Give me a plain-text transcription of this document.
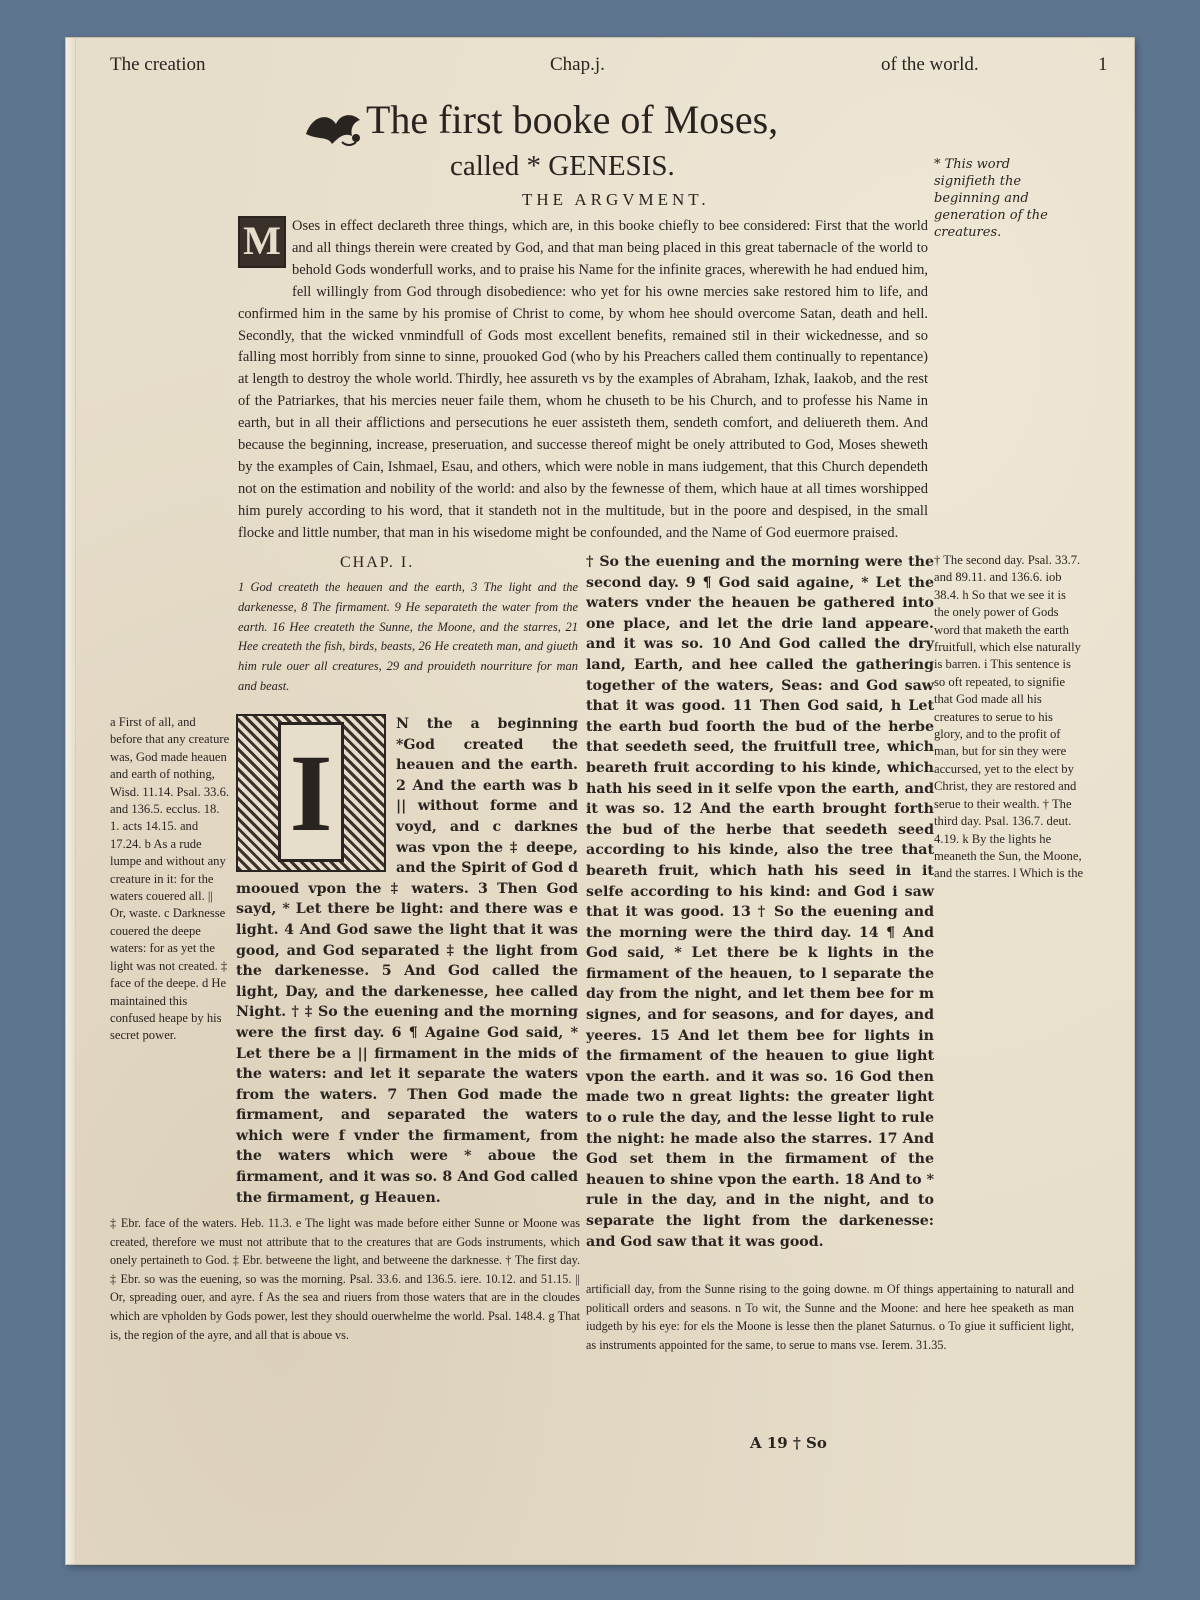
The creation	Chap.j.	of the world.	1
The first booke of Moses,
called * GENESIS.
THE ARGVMENT.
* This word signifieth the beginning and generation of the creatures.
Oses in effect declareth three things, which are, in this booke chiefly to bee considered: First that the world and all things therein were created by God, and that man being placed in this great tabernacle of the world to behold Gods wonderfull works, and to praise his Name for the infinite graces, wherewith he had endued him, fell willingly from God through disobedience: who yet for his owne mercies sake restored him to life, and confirmed him in the same by his promise of Christ to come, by whom hee should overcome Satan, death and hell. Secondly, that the wicked vnmindfull of Gods most excellent benefits, remained stil in their wickednesse, and so falling most horribly from sinne to sinne, prouoked God (who by his Preachers called them continually to repentance) at length to destroy the whole world. Thirdly, hee assureth vs by the examples of Abraham, Izhak, Iaakob, and the rest of the Patriarkes, that his mercies neuer faile them, whom he chuseth to be his Church, and to professe his Name in earth, but in all their afflictions and persecutions he euer assisteth them, sendeth comfort, and deliuereth them. And because the beginning, increase, preseruation, and successe thereof might be onely attributed to God, Moses sheweth by the examples of Cain, Ishmael, Esau, and others, which were noble in mans iudgement, that this Church dependeth not on the estimation and nobility of the world: and also by the fewnesse of them, which haue at all times worshipped him purely according to his word, that it standeth not in the multitude, but in the poore and despised, in the small flocke and little number, that man in his wisedome might be confounded, and the Name of God euermore praised.
M
CHAP. I.
1 God createth the heauen and the earth, 3 The light and the darkenesse, 8 The firmament. 9 He separateth the water from the earth. 16 Hee createth the Sunne, the Moone, and the starres, 21 Hee createth the fish, birds, beasts, 26 He createth man, and giueth him rule ouer all creatures, 29 and prouideth nourriture for man and beast.
a First of all, and before that any creature was, God made heauen and earth of nothing, Wisd. 11.14. Psal. 33.6. and 136.5. ecclus. 18. 1. acts 14.15. and 17.24. b As a rude lumpe and without any creature in it: for the waters couered all. || Or, waste. c Darknesse couered the deepe waters: for as yet the light was not created. ‡ face of the deepe. d He maintained this confused heape by his secret power.
I
N the a beginning *God created the heauen and the earth. 2 And the earth was b || without forme and voyd, and c darknes was vpon the ‡ deepe, and the Spirit of God d mooued vpon the ‡ waters. 3 Then God sayd, * Let there be light: and there was e light. 4 And God sawe the light that it was good, and God separated ‡ the light from the darkenesse. 5 And God called the light, Day, and the darkenesse, hee called Night. † ‡ So the euening and the morning were the first day. 6 ¶ Againe God said, * Let there be a || firmament in the mids of the waters: and let it separate the waters from the waters. 7 Then God made the firmament, and separated the waters which were f vnder the firmament, from the waters which were * aboue the firmament, and it was so. 8 And God called the firmament, g Heauen.
† So the euening and the morning were the second day. 9 ¶ God said againe, * Let the waters vnder the heauen be gathered into one place, and let the drie land appeare. and it was so. 10 And God called the dry land, Earth, and hee called the gathering together of the waters, Seas: and God saw that it was good. 11 Then God said, h Let the earth bud foorth the bud of the herbe that seedeth seed, the fruitfull tree, which beareth fruit according to his kinde, which hath his seed in it selfe vpon the earth, and it was so. 12 And the earth brought forth the bud of the herbe that seedeth seed according to his kinde, also the tree that beareth fruit, which hath his seed in it selfe according to his kind: and God i saw that it was good. 13 † So the euening and the morning were the third day. 14 ¶ And God said, * Let there be k lights in the firmament of the heauen, to l separate the day from the night, and let them bee for m signes, and for seasons, and for dayes, and yeeres. 15 And let them bee for lights in the firmament of the heauen to giue light vpon the earth. and it was so. 16 God then made two n great lights: the greater light to o rule the day, and the lesse light to rule the night: he made also the starres. 17 And God set them in the firmament of the heauen to shine vpon the earth. 18 And to * rule in the day, and in the night, and to separate the light from the darkenesse: and God saw that it was good.
† The second day. Psal. 33.7. and 89.11. and 136.6. iob 38.4. h So that we see it is the onely power of Gods word that maketh the earth fruitfull, which else naturally is barren. i This sentence is so oft repeated, to signifie that God made all his creatures to serue to his glory, and to the profit of man, but for sin they were accursed, yet to the elect by Christ, they are restored and serue to their wealth. † The third day. Psal. 136.7. deut. 4.19. k By the lights he meaneth the Sun, the Moone, and the starres. l Which is the
‡ Ebr. face of the waters. Heb. 11.3. e The light was made before either Sunne or Moone was created, therefore we must not attribute that to the creatures that are Gods instruments, which onely pertaineth to God. ‡ Ebr. betweene the light, and betweene the darknesse. † The first day. ‡ Ebr. so was the euening, so was the morning. Psal. 33.6. and 136.5. iere. 10.12. and 51.15. || Or, spreading ouer, and ayre. f As the sea and riuers from those waters that are in the cloudes which are vpholden by Gods power, lest they should ouerwhelme the world. Psal. 148.4. g That is, the region of the ayre, and all that is aboue vs.
artificiall day, from the Sunne rising to the going downe. m Of things appertaining to naturall and politicall orders and seasons. n To wit, the Sunne and the Moone: and here hee speaketh as man iudgeth by his eye: for els the Moone is lesse then the planet Saturnus. o To giue it sufficient light, as instruments appointed for the same, to serue to mans vse. Ierem. 31.35.
A 19 † So
